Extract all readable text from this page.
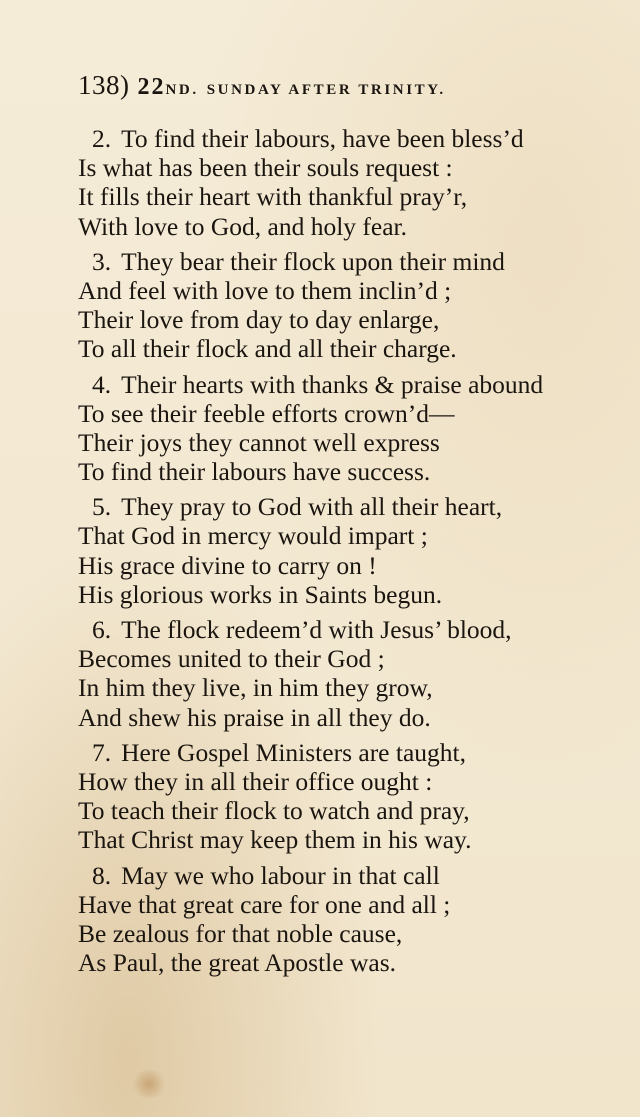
138) 22ND. SUNDAY AFTER TRINITY.
2. To find their labours, have been bless’d
Is what has been their souls request :
It fills their heart with thankful pray’r,
With love to God, and holy fear.
3. They bear their flock upon their mind
And feel with love to them inclin’d ;
Their love from day to day enlarge,
To all their flock and all their charge.
4. Their hearts with thanks & praise abound
To see their feeble efforts crown’d—
Their joys they cannot well express
To find their labours have success.
5. They pray to God with all their heart,
That God in mercy would impart ;
His grace divine to carry on !
His glorious works in Saints begun.
6. The flock redeem’d with Jesus’ blood,
Becomes united to their God ;
In him they live, in him they grow,
And shew his praise in all they do.
7. Here Gospel Ministers are taught,
How they in all their office ought :
To teach their flock to watch and pray,
That Christ may keep them in his way.
8. May we who labour in that call
Have that great care for one and all ;
Be zealous for that noble cause,
As Paul, the great Apostle was.
